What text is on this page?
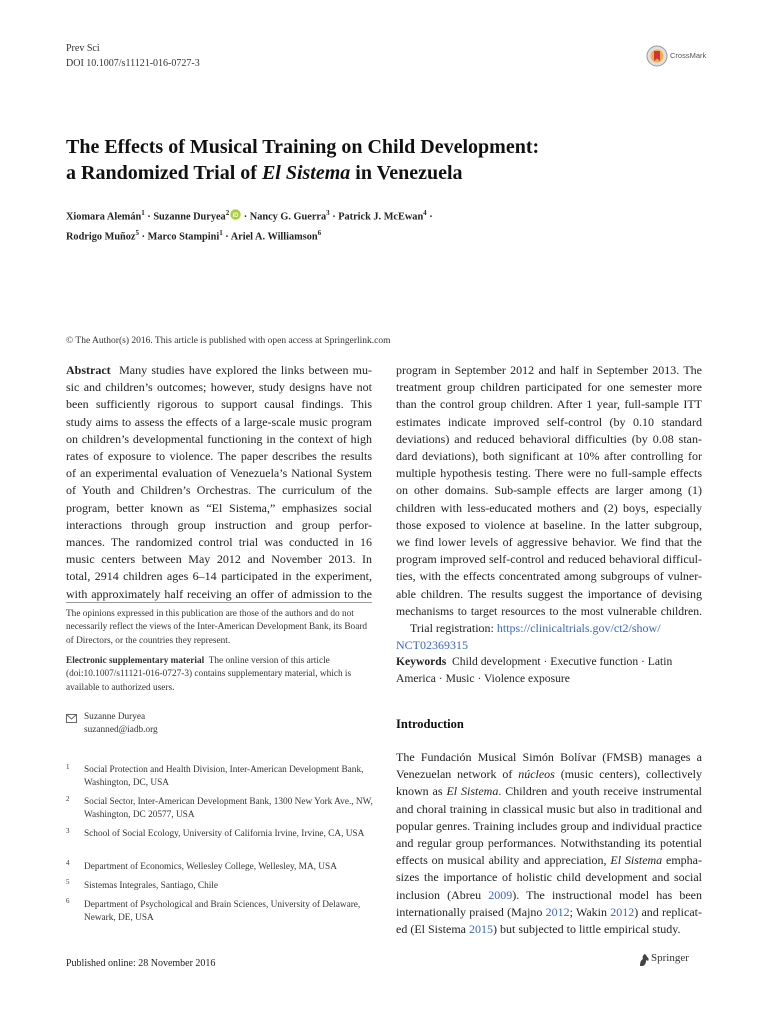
Prev Sci
DOI 10.1007/s11121-016-0727-3
CrossMark
The Effects of Musical Training on Child Development:
a Randomized Trial of El Sistema in Venezuela
Xiomara Alemán$^1$ · Suzanne Duryea$^2$ iD · Nancy G. Guerra$^3$ · Patrick J. McEwan$^4$ ·
Rodrigo Muñoz$^5$ · Marco Stampini$^1$ · Ariel A. Williamson$^6$
© The Author(s) 2016. This article is published with open access at Springerlink.com
Abstract Many studies have explored the links between mu-
sic and children’s outcomes; however, study designs have not
been sufficiently rigorous to support causal findings. This
study aims to assess the effects of a large-scale music program
on children’s developmental functioning in the context of high
rates of exposure to violence. The paper describes the results
of an experimental evaluation of Venezuela’s National System
of Youth and Children’s Orchestras. The curriculum of the
program, better known as “El Sistema,” emphasizes social
interactions through group instruction and group perfor-
mances. The randomized control trial was conducted in 16
music centers between May 2012 and November 2013. In
total, 2914 children ages 6–14 participated in the experiment,
with approximately half receiving an offer of admission to the
program in September 2012 and half in September 2013. The
treatment group children participated for one semester more
than the control group children. After 1 year, full-sample ITT
estimates indicate improved self-control (by 0.10 standard
deviations) and reduced behavioral difficulties (by 0.08 stan-
dard deviations), both significant at 10% after controlling for
multiple hypothesis testing. There were no full-sample effects
on other domains. Sub-sample effects are larger among (1)
children with less-educated mothers and (2) boys, especially
those exposed to violence at baseline. In the latter subgroup,
we find lower levels of aggressive behavior. We find that the
program improved self-control and reduced behavioral difficul-
ties, with the effects concentrated among subgroups of vulner-
able children. The results suggest the importance of devising
mechanisms to target resources to the most vulnerable children.
Trial registration: https://clinicaltrials.gov/ct2/show/
NCT02369315
The opinions expressed in this publication are those of the authors and do not necessarily reflect the views of the Inter-American Development Bank, its Board of Directors, or the countries they represent.
Electronic supplementary material The online version of this article (doi:10.1007/s11121-016-0727-3) contains supplementary material, which is available to authorized users.
Suzanne Duryea
suzanned@iadb.org
1 Social Protection and Health Division, Inter-American Development Bank, Washington, DC, USA
2 Social Sector, Inter-American Development Bank, 1300 New York Ave., NW, Washington, DC 20577, USA
3 School of Social Ecology, University of California Irvine, Irvine, CA, USA
4 Department of Economics, Wellesley College, Wellesley, MA, USA
5 Sistemas Integrales, Santiago, Chile
6 Department of Psychological and Brain Sciences, University of Delaware, Newark, DE, USA
Keywords Child development · Executive function · Latin
America · Music · Violence exposure
Introduction
The Fundación Musical Simón Bolívar (FMSB) manages a
Venezuelan network of núcleos (music centers), collectively
known as El Sistema. Children and youth receive instrumental
and choral training in classical music but also in traditional and
popular genres. Training includes group and individual practice
and regular group performances. Notwithstanding its potential
effects on musical ability and appreciation, El Sistema empha-
sizes the importance of holistic child development and social
inclusion (Abreu 2009). The instructional model has been
internationally praised (Majno 2012; Wakin 2012) and replicat-
ed (El Sistema 2015) but subjected to little empirical study.
Published online: 28 November 2016	Springer
